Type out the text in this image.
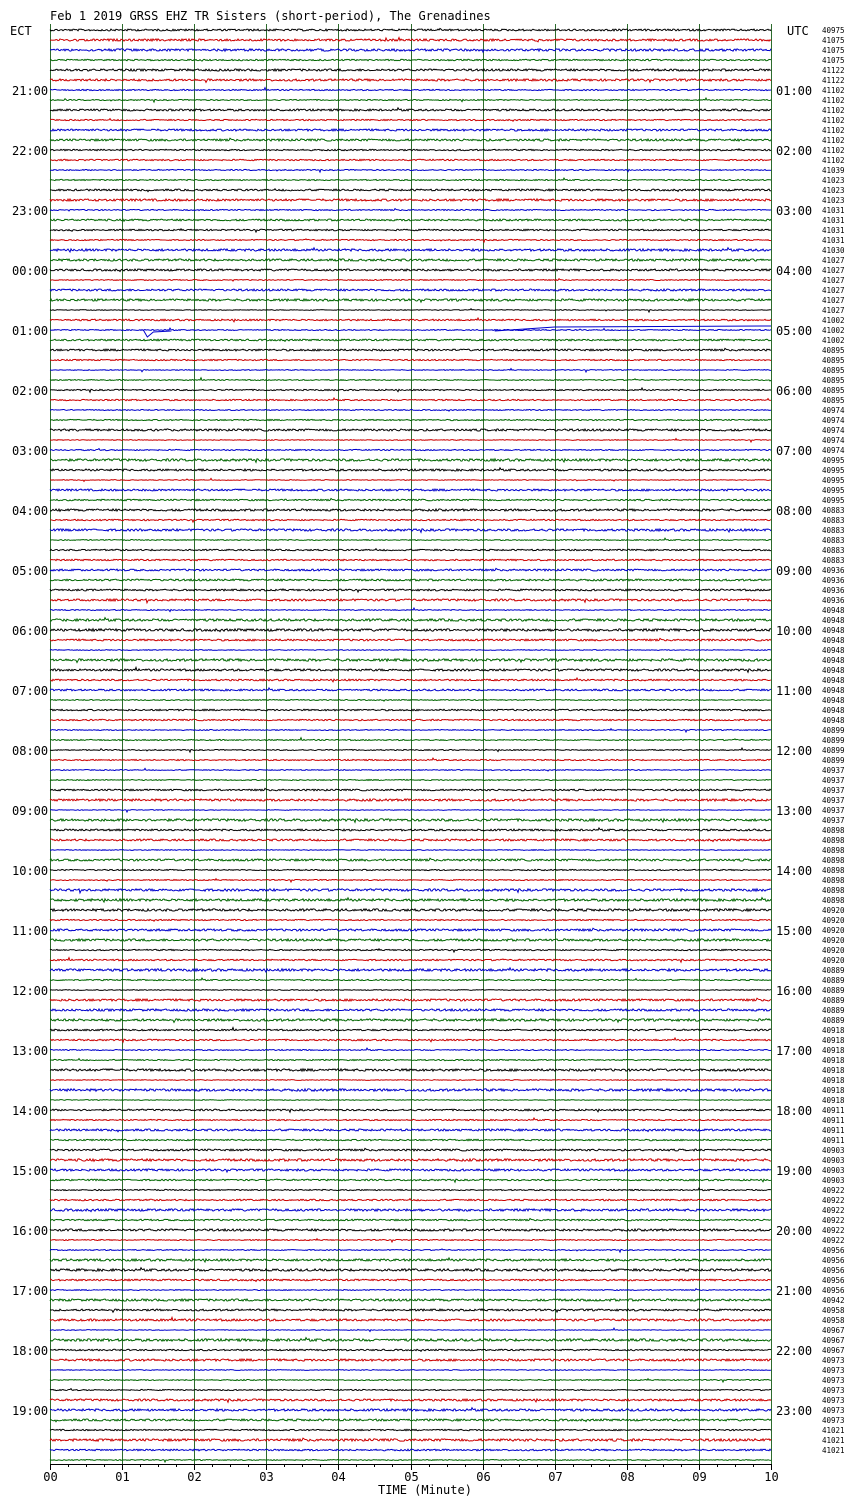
Feb 1 2019 GRSS EHZ TR Sisters (short-period), The Grenadines
21:00
22:00
23:00
00:00
01:00
02:00
03:00
04:00
05:00
06:00
07:00
08:00
09:00
10:00
11:00
12:00
13:00
14:00
15:00
16:00
17:00
18:00
19:00
01:00
02:00
03:00
04:00
05:00
06:00
07:00
08:00
09:00
10:00
11:00
12:00
13:00
14:00
15:00
16:00
17:00
18:00
19:00
20:00
21:00
22:00
23:00
40975
41075
41075
41075
41122
41122
41102
41102
41102
41102
41102
41102
41102
41102
41039
41023
41023
41023
41031
41031
41031
41031
41030
41027
41027
41027
41027
41027
41027
41002
41002
41002
40895
40895
40895
40895
40895
40895
40974
40974
40974
40974
40974
40995
40995
40995
40995
40995
40883
40883
40883
40883
40883
40883
40936
40936
40936
40936
40948
40948
40948
40948
40948
40948
40948
40948
40948
40948
40948
40948
40899
40899
40899
40899
40937
40937
40937
40937
40937
40937
40898
40898
40898
40898
40898
40898
40898
40898
40920
40920
40920
40920
40920
40920
40889
40889
40889
40889
40889
40889
40918
40918
40918
40918
40918
40918
40918
40918
40911
40911
40911
40911
40903
40903
40903
40903
40922
40922
40922
40922
40922
40922
40956
40956
40956
40956
40956
40942
40958
40958
40967
40967
40967
40973
40973
40973
40973
40973
40973
40973
41021
41021
41021
00	01	02	03	04	05	06	07	08	09	10
ECT	UTC
TIME (Minute)
